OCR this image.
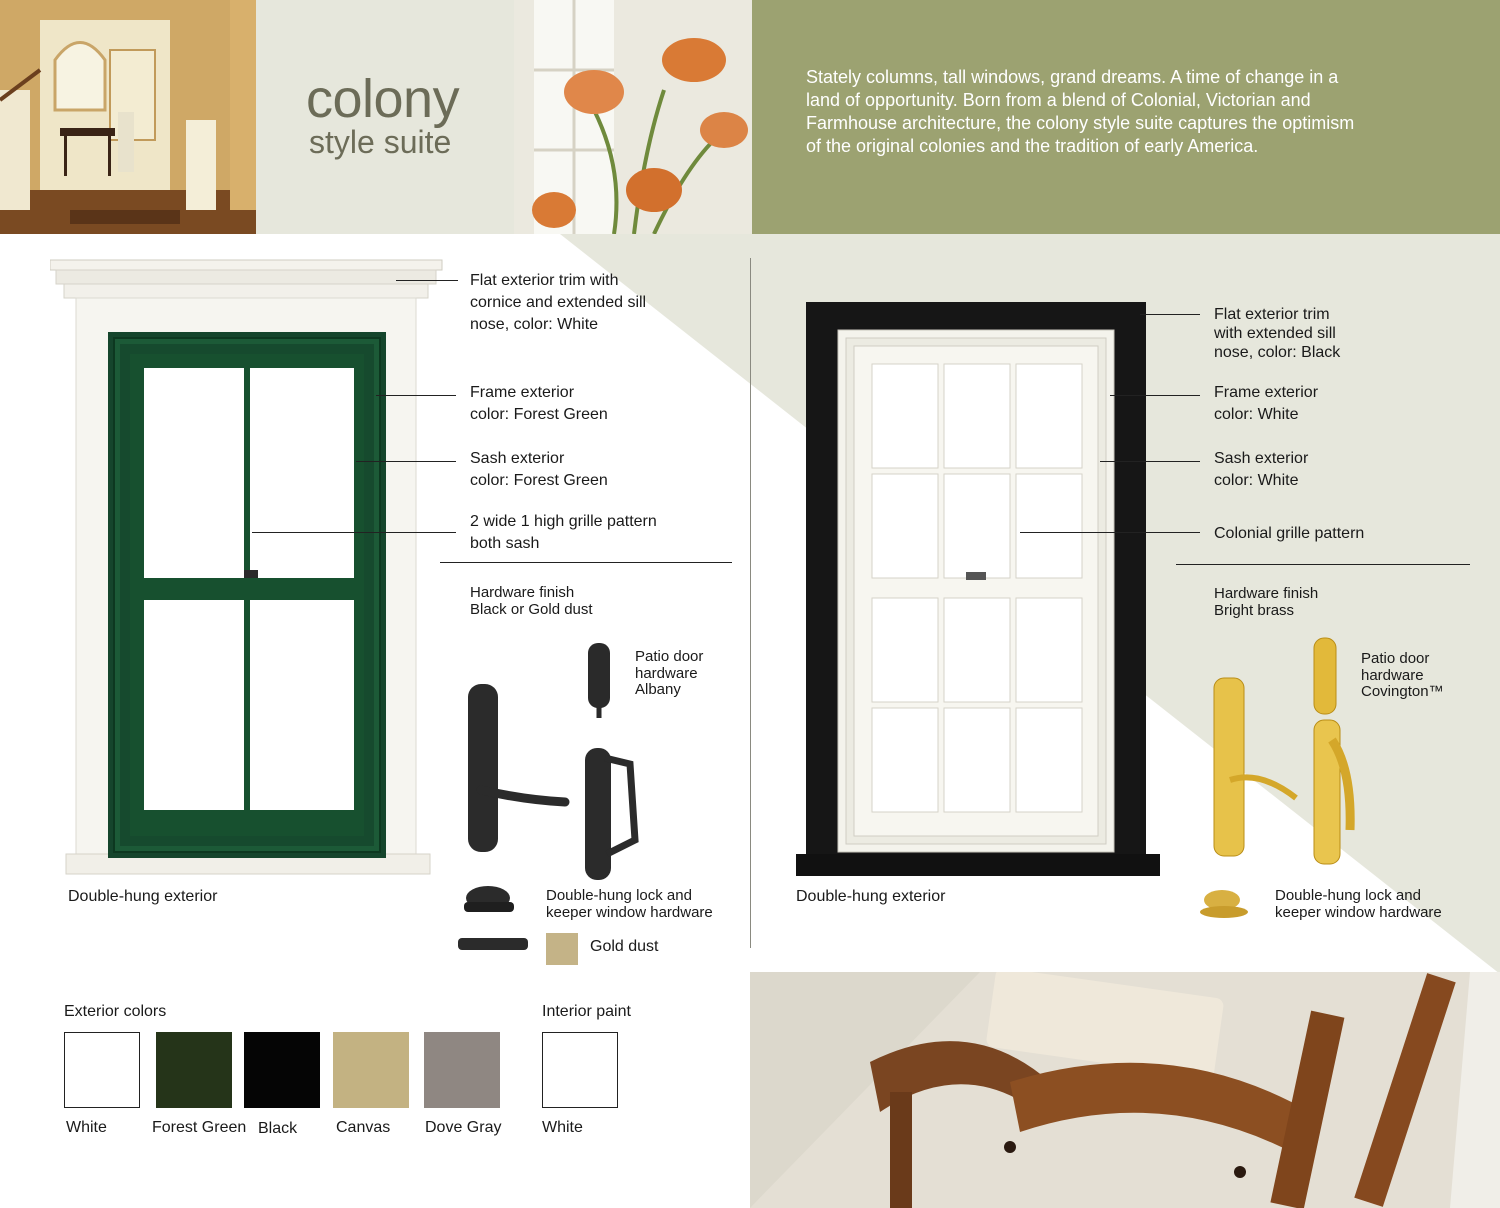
colony
style suite
Stately columns, tall windows, grand dreams. A time of change in a land of opportunity. Born from a blend of Colonial, Victorian and Farmhouse architecture, the colony style suite captures the optimism of the original colonies and the tradition of early America.
Double-hung exterior
Flat exterior trim with
cornice and extended sill
nose, color: White
Frame exterior
color: Forest Green
Sash exterior
color: Forest Green
2 wide 1 high grille pattern
both sash
Hardware finish
Black or Gold dust
Patio door
hardware
Albany
Double-hung lock and
keeper window hardware
Gold dust
Double-hung exterior
Flat exterior trim
with extended sill
nose, color: Black
Frame exterior
color: White
Sash exterior
color: White
Colonial grille pattern
Hardware finish
Bright brass
Patio door
hardware
Covington™
Double-hung lock and
keeper window hardware
Exterior colors	Interior paint
White	Forest Green Black Canvas Dove Gray	White
